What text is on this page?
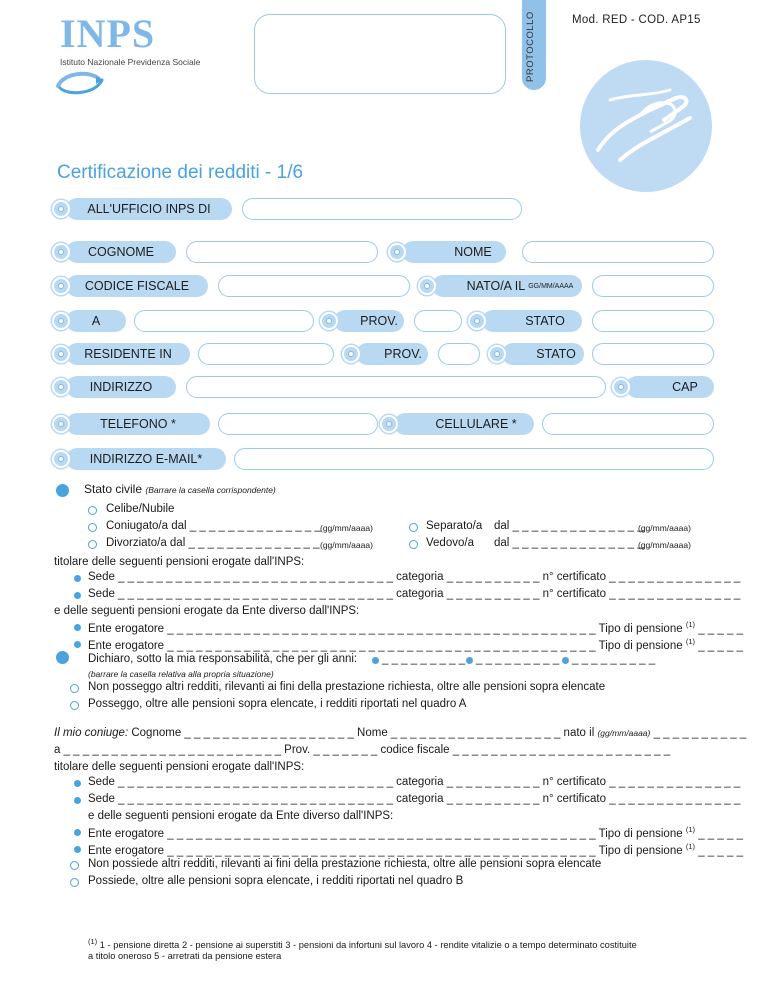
INPS
Istituto Nazionale Previdenza Sociale	PROTOCOLLO	Mod. RED - COD. AP15
Certificazione dei redditi - 1/6
ALL'UFFICIO INPS DI
COGNOME	NOME
CODICE FISCALE	NATO/A IL GG/MM/AAAA
A	PROV.	STATO
RESIDENTE IN	PROV.	STATO
INDIRIZZO	CAP
TELEFONO *	CELLULARE *
INDIRIZZO E-MAIL*
Stato civile (Barrare la casella corrispondente)
Celibe/Nubile
Coniugato/a dal _ _ _ _ _ _ _ _ _ _ _ _ _ _ (gg/mm/aaaa)	Separato/a dal _ _ _ _ _ _ _ _ _ _ _ _ _ _
(gg/mm/aaaa)
Divorziato/a dal _ _ _ _ _ _ _ _ _ _ _ _ _ _ (gg/mm/aaaa)	Vedovo/a dal _ _ _ _ _ _ _ _ _ _ _ _ _ _
(gg/mm/aaaa)
titolare delle seguenti pensioni erogate dall'INPS:
Sede _ _ _ _ _ _ _ _ _ _ _ _ _ _ _ _ _ _ _ _ _ _ _ _ _ _ _ _ _ categoria _ _ _ _ _ _ _ _ _ _ n° certificato _ _ _ _ _ _ _ _ _ _ _ _ _ _
Sede _ _ _ _ _ _ _ _ _ _ _ _ _ _ _ _ _ _ _ _ _ _ _ _ _ _ _ _ _ categoria _ _ _ _ _ _ _ _ _ _ n° certificato _ _ _ _ _ _ _ _ _ _ _ _ _ _
e delle seguenti pensioni erogate da Ente diverso dall'INPS:
Ente erogatore _ _ _ _ _ _ _ _ _ _ _ _ _ _ _ _ _ _ _ _ _ _ _ _ _ _ _ _ _ _ _ _ _ _ _ _ _ _ _ _ _ _ _ _ _ Tipo di pensione $^{(1)}$ _ _ _ _ _
Ente erogatore _ _ _ _ _ _ _ _ _ _ _ _ _ _ _ _ _ _ _ _ _ _ _ _ _ _ _ _ _ _ _ _ _ _ _ _ _ _ _ _ _ _ _ _ _ Tipo di pensione $^{(1)}$ _ _ _ _ _
Dichiaro, sotto la mia responsabilità, che per gli anni: _ _ _ _ _ _ _ _ _ _ _ _ _ _ _ _ _ _ _ _ _ _ _ _ _ _ _
(barrare la casella relativa alla propria situazione)
Non posseggo altri redditi, rilevanti ai fini della prestazione richiesta, oltre alle pensioni sopra elencate
Posseggo, oltre alle pensioni sopra elencate, i redditi riportati nel quadro A
Il mio coniuge: Cognome _ _ _ _ _ _ _ _ _ _ _ _ _ _ _ _ _ _ Nome _ _ _ _ _ _ _ _ _ _ _ _ _ _ _ _ _ _ nato il (gg/mm/aaaa) _ _ _ _ _ _ _ _ _ _
a _ _ _ _ _ _ _ _ _ _ _ _ _ _ _ _ _ _ _ _ _ _ _ Prov. _ _ _ _ _ _ _ codice fiscale _ _ _ _ _ _ _ _ _ _ _ _ _ _ _ _ _ _ _ _ _ _ _
titolare delle seguenti pensioni erogate dall'INPS:
Sede _ _ _ _ _ _ _ _ _ _ _ _ _ _ _ _ _ _ _ _ _ _ _ _ _ _ _ _ _ categoria _ _ _ _ _ _ _ _ _ _ n° certificato _ _ _ _ _ _ _ _ _ _ _ _ _ _
Sede _ _ _ _ _ _ _ _ _ _ _ _ _ _ _ _ _ _ _ _ _ _ _ _ _ _ _ _ _ categoria _ _ _ _ _ _ _ _ _ _ n° certificato _ _ _ _ _ _ _ _ _ _ _ _ _ _
e delle seguenti pensioni erogate da Ente diverso dall'INPS:
Ente erogatore _ _ _ _ _ _ _ _ _ _ _ _ _ _ _ _ _ _ _ _ _ _ _ _ _ _ _ _ _ _ _ _ _ _ _ _ _ _ _ _ _ _ _ _ _ Tipo di pensione $^{(1)}$ _ _ _ _ _
Ente erogatore _ _ _ _ _ _ _ _ _ _ _ _ _ _ _ _ _ _ _ _ _ _ _ _ _ _ _ _ _ _ _ _ _ _ _ _ _ _ _ _ _ _ _ _ _ Tipo di pensione $^{(1)}$ _ _ _ _ _
Non possiede altri redditi, rilevanti ai fini della prestazione richiesta, oltre alle pensioni sopra elencate
Possiede, oltre alle pensioni sopra elencate, i redditi riportati nel quadro B
$^{(1)}$ 1 - pensione diretta 2 - pensione ai superstiti 3 - pensioni da infortuni sul lavoro 4 - rendite vitalizie o a tempo determinato costituite
a titolo oneroso 5 - arretrati da pensione estera
